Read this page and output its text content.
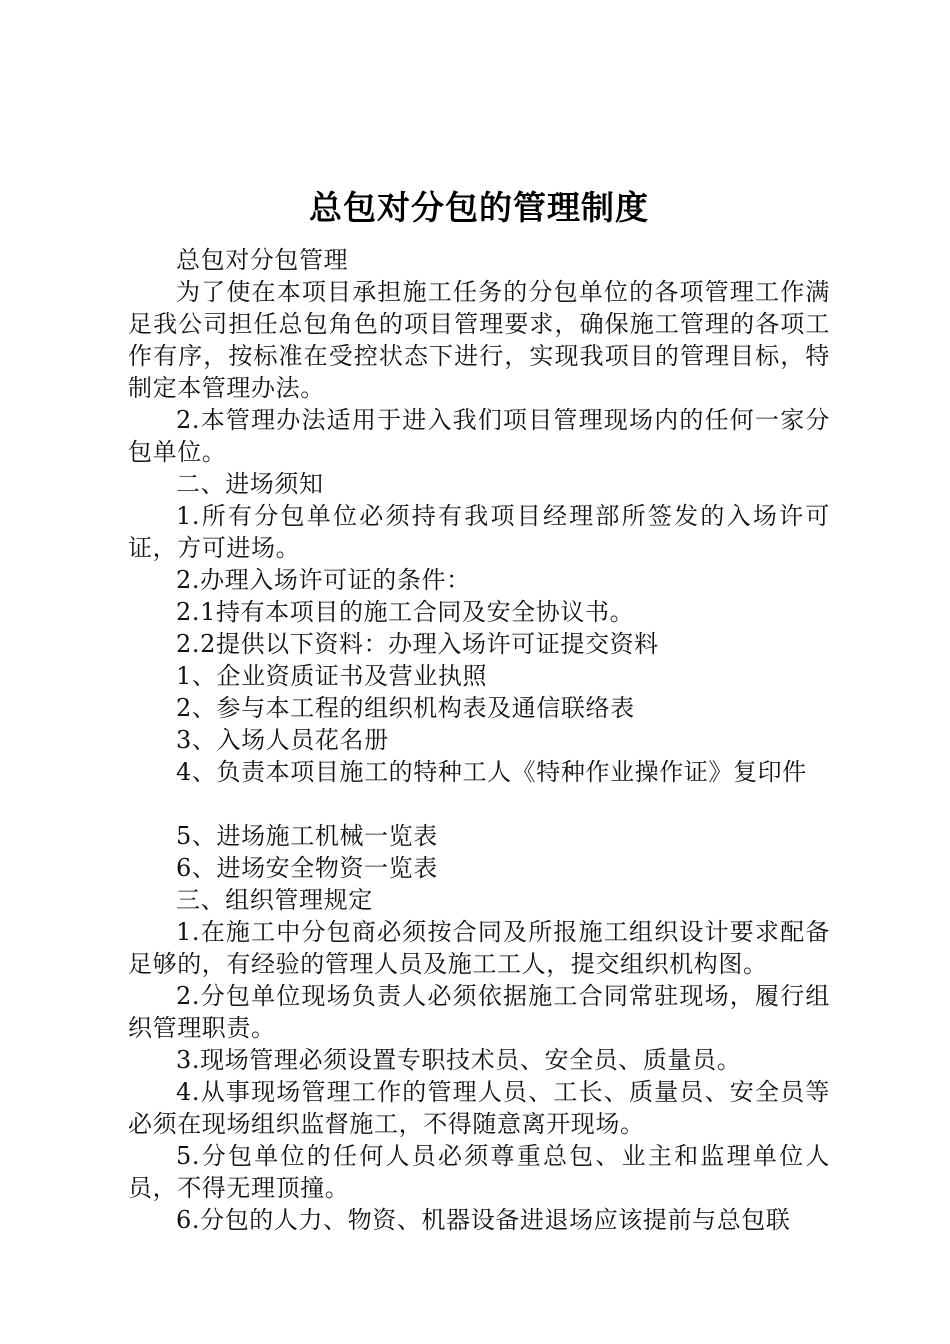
总包对分包的管理制度

总包对分包管理

为了使在本项目承担施工任务的分包单位的各项管理工作满足我公司担任总包角色的项目管理要求，确保施工管理的各项工作有序，按标准在受控状态下进行，实现我项目的管理目标，特制定本管理办法。

2.本管理办法适用于进入我们项目管理现场内的任何一家分包单位。

二、进场须知

1.所有分包单位必须持有我项目经理部所签发的入场许可证，方可进场。

2.办理入场许可证的条件：

2.1持有本项目的施工合同及安全协议书。

2.2提供以下资料：办理入场许可证提交资料

1、企业资质证书及营业执照

2、参与本工程的组织机构表及通信联络表

3、入场人员花名册

4、负责本项目施工的特种工人《特种作业操作证》复印件

5、进场施工机械一览表

6、进场安全物资一览表

三、组织管理规定

1.在施工中分包商必须按合同及所报施工组织设计要求配备足够的，有经验的管理人员及施工工人，提交组织机构图。

2.分包单位现场负责人必须依据施工合同常驻现场，履行组织管理职责。

3.现场管理必须设置专职技术员、安全员、质量员。

4.从事现场管理工作的管理人员、工长、质量员、安全员等必须在现场组织监督施工，不得随意离开现场。

5.分包单位的任何人员必须尊重总包、业主和监理单位人员，不得无理顶撞。

6.分包的人力、物资、机器设备进退场应该提前与总包联
